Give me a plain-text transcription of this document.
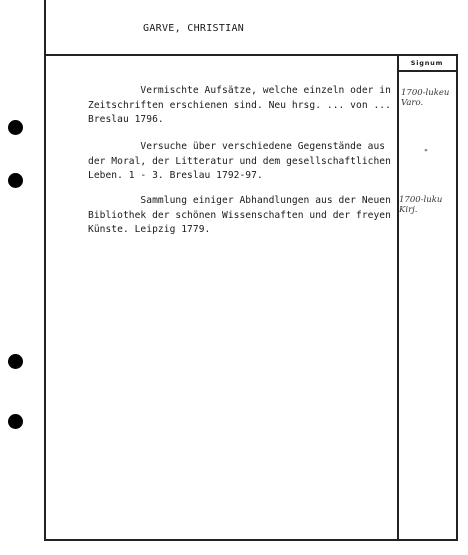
GARVE, CHRISTIAN
Signum
Vermischte Aufsätze, welche einzeln oder in
Zeitschriften erschienen sind. Neu hrsg. ... von ...
Breslau 1796.
Versuche über verschiedene Gegenstände aus
der Moral, der Litteratur und dem gesellschaftlichen
Leben. 1 - 3. Breslau 1792-97.
Sammlung einiger Abhandlungen aus der Neuen
Bibliothek der schönen Wissenschaften und der freyen
Künste. Leipzig 1779.
1700-lukeu
Varo.
"
1700-luku
Kirj.
